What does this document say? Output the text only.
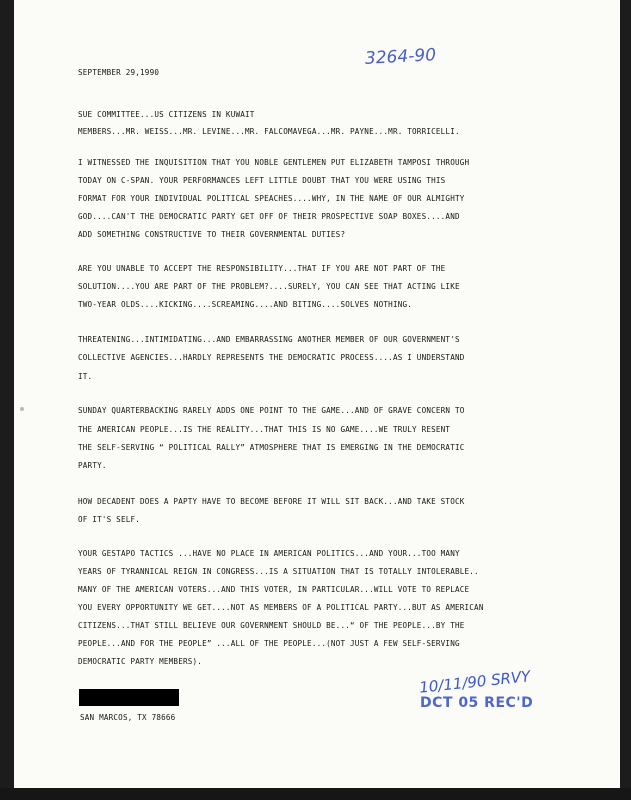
3264-90

SEPTEMBER 29,1990

SUE COMMITTEE...US CITIZENS IN KUWAIT

MEMBERS...MR. WEISS...MR. LEVINE...MR. FALCOMAVEGA...MR. PAYNE...MR. TORRICELLI.

I WITNESSED THE INQUISITION THAT YOU NOBLE GENTLEMEN PUT ELIZABETH TAMPOSI THROUGH

TODAY ON C-SPAN. YOUR PERFORMANCES LEFT LITTLE DOUBT THAT YOU WERE USING THIS

FORMAT FOR YOUR INDIVIDUAL POLITICAL SPEACHES....WHY, IN THE NAME OF OUR ALMIGHTY

GOD....CAN'T THE DEMOCRATIC PARTY GET OFF OF THEIR PROSPECTIVE SOAP BOXES....AND

ADD SOMETHING CONSTRUCTIVE TO THEIR GOVERNMENTAL DUTIES?

ARE YOU UNABLE TO ACCEPT THE RESPONSIBILITY...THAT IF YOU ARE NOT PART OF THE

SOLUTION....YOU ARE PART OF THE PROBLEM?....SURELY, YOU CAN SEE THAT ACTING LIKE

TWO-YEAR OLDS....KICKING....SCREAMING....AND BITING....SOLVES NOTHING.

THREATENING...INTIMIDATING...AND EMBARRASSING ANOTHER MEMBER OF OUR GOVERNMENT'S

COLLECTIVE AGENCIES...HARDLY REPRESENTS THE DEMOCRATIC PROCESS....AS I UNDERSTAND

IT.

SUNDAY QUARTERBACKING RARELY ADDS ONE POINT TO THE GAME...AND OF GRAVE CONCERN TO

THE AMERICAN PEOPLE...IS THE REALITY...THAT THIS IS NO GAME....WE TRULY RESENT

THE SELF-SERVING “ POLITICAL RALLY” ATMOSPHERE THAT IS EMERGING IN THE DEMOCRATIC

PARTY.

HOW DECADENT DOES A PAPTY HAVE TO BECOME BEFORE IT WILL SIT BACK...AND TAKE STOCK

OF IT'S SELF.

YOUR GESTAPO TACTICS ...HAVE NO PLACE IN AMERICAN POLITICS...AND YOUR...TOO MANY

YEARS OF TYRANNICAL REIGN IN CONGRESS...IS A SITUATION THAT IS TOTALLY INTOLERABLE..

MANY OF THE AMERICAN VOTERS...AND THIS VOTER, IN PARTICULAR...WILL VOTE TO REPLACE

YOU EVERY OPPORTUNITY WE GET....NOT AS MEMBERS OF A POLITICAL PARTY...BUT AS AMERICAN

CITIZENS...THAT STILL BELIEVE OUR GOVERNMENT SHOULD BE...“ OF THE PEOPLE...BY THE

PEOPLE...AND FOR THE PEOPLE” ...ALL OF THE PEOPLE...(NOT JUST A FEW SELF-SERVING

DEMOCRATIC PARTY MEMBERS).

SAN MARCOS, TX 78666

10/11/90 SRVY
DCT 05 REC'D
